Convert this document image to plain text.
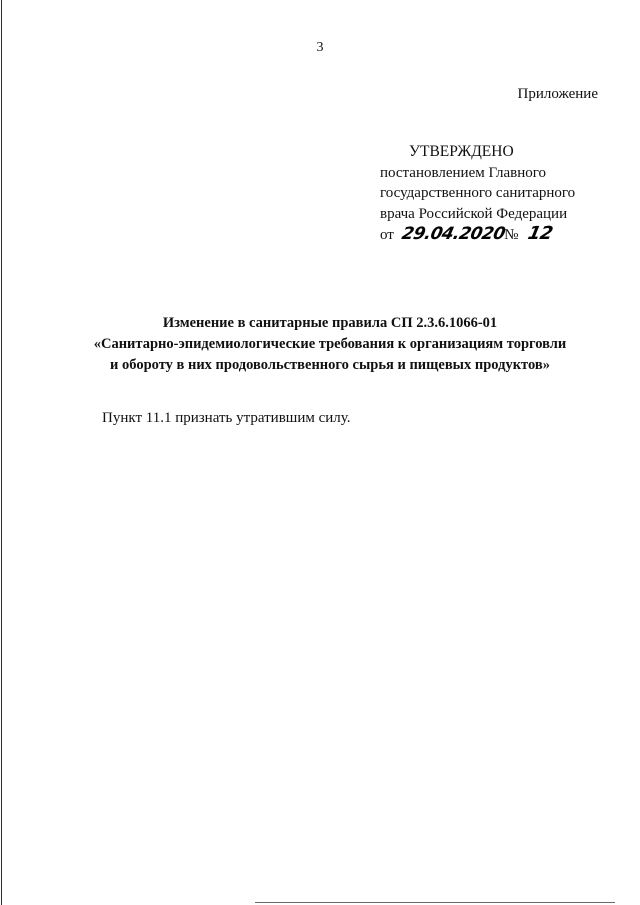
3
Приложение
УТВЕРЖДЕНО
постановлением Главного
государственного санитарного
врача Российской Федерации
от 29.04.2020№ 12
Изменение в санитарные правила СП 2.3.6.1066-01
«Санитарно-эпидемиологические требования к организациям торговли
и обороту в них продовольственного сырья и пищевых продуктов»
Пункт 11.1 признать утратившим силу.
